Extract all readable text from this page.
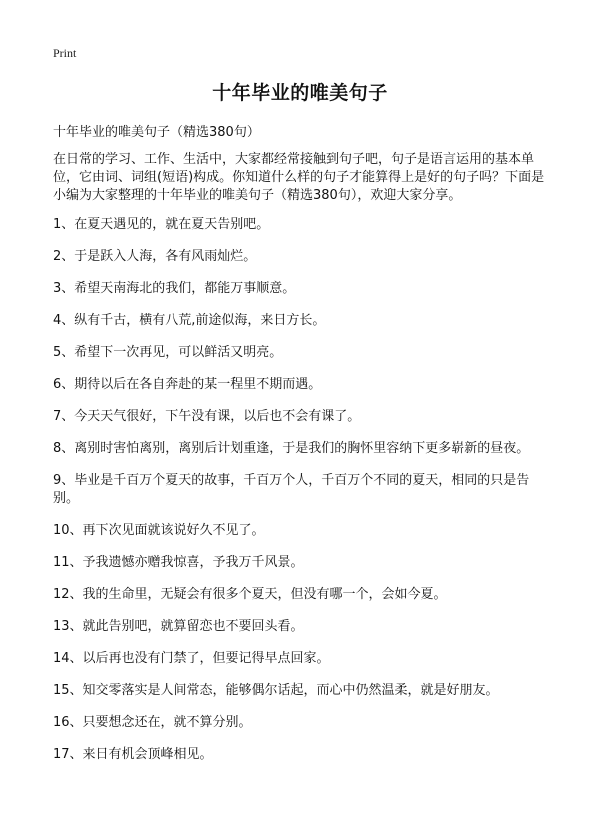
Print
十年毕业的唯美句子
十年毕业的唯美句子（精选380句）

在日常的学习、工作、生活中，大家都经常接触到句子吧，句子是语言运用的基本单位，它由词、词组(短语)构成。你知道什么样的句子才能算得上是好的句子吗？下面是小编为大家整理的十年毕业的唯美句子（精选380句），欢迎大家分享。

1、在夏天遇见的，就在夏天告别吧。
2、于是跃入人海，各有风雨灿烂。
3、希望天南海北的我们，都能万事顺意。
4、纵有千古，横有八荒,前途似海，来日方长。
5、希望下一次再见，可以鲜活又明亮。
6、期待以后在各自奔赴的某一程里不期而遇。
7、今天天气很好，下午没有课，以后也不会有课了。
8、离别时害怕离别，离别后计划重逢，于是我们的胸怀里容纳下更多崭新的昼夜。
9、毕业是千百万个夏天的故事，千百万个人，千百万个不同的夏天，相同的只是告别。
10、再下次见面就该说好久不见了。
11、予我遗憾亦赠我惊喜，予我万千风景。
12、我的生命里，无疑会有很多个夏天，但没有哪一个，会如今夏。
13、就此告别吧，就算留恋也不要回头看。
14、以后再也没有门禁了，但要记得早点回家。
15、知交零落实是人间常态，能够偶尔话起，而心中仍然温柔，就是好朋友。
16、只要想念还在，就不算分别。
17、来日有机会顶峰相见。
